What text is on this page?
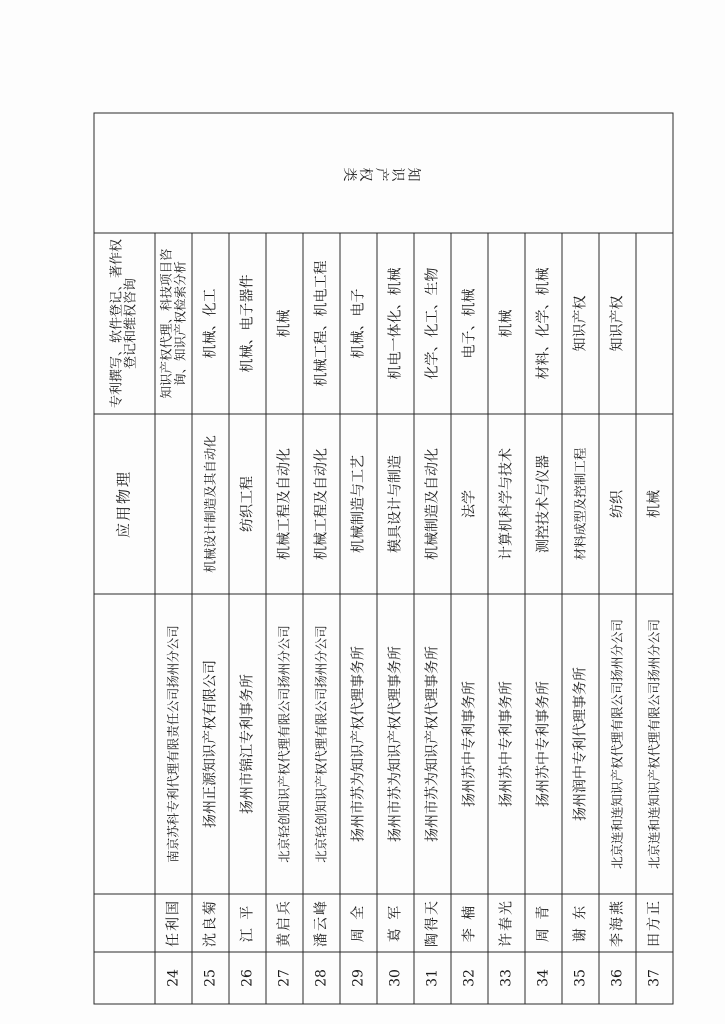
			应用物理	专利撰写、软件登记、著作权登记和维权咨询	知识产权类
24	任利国	南京苏科专利代理有限责任公司扬州分公司		知识产权代理、科技项目咨询、知识产权检索分析	
25	沈良菊	扬州正源知识产权有限公司	机械设计制造及其自动化	机械、化工	
26	江 平	扬州市锦江专利事务所	纺织工程	机械、电子器件	
27	黄启兵	北京轻创知识产权代理有限公司扬州分公司	机械工程及自动化	机械	
28	潘云峰	北京轻创知识产权代理有限公司扬州分公司	机械工程及自动化	机械工程、机电工程	
29	周 全	扬州市苏为知识产权代理事务所	机械制造与工艺	机械、电子	
30	葛 军	扬州市苏为知识产权代理事务所	模具设计与制造	机电一体化、机械	
31	陶得天	扬州市苏为知识产权代理事务所	机械制造及自动化	化学、化工、生物	
32	李 楠	扬州苏中专利事务所	法学	电子、机械	
33	许春光	扬州苏中专利事务所	计算机科学与技术	机械	
34	周 青	扬州苏中专利事务所	测控技术与仪器	材料、化学、机械	
35	谢 东	扬州润中专利代理事务所	材料成型及控制工程	知识产权	
36	李海燕	北京连和连知识产权代理有限公司扬州分公司	纺织	知识产权	
37	田方正	北京连和连知识产权代理有限公司扬州分公司	机械		
